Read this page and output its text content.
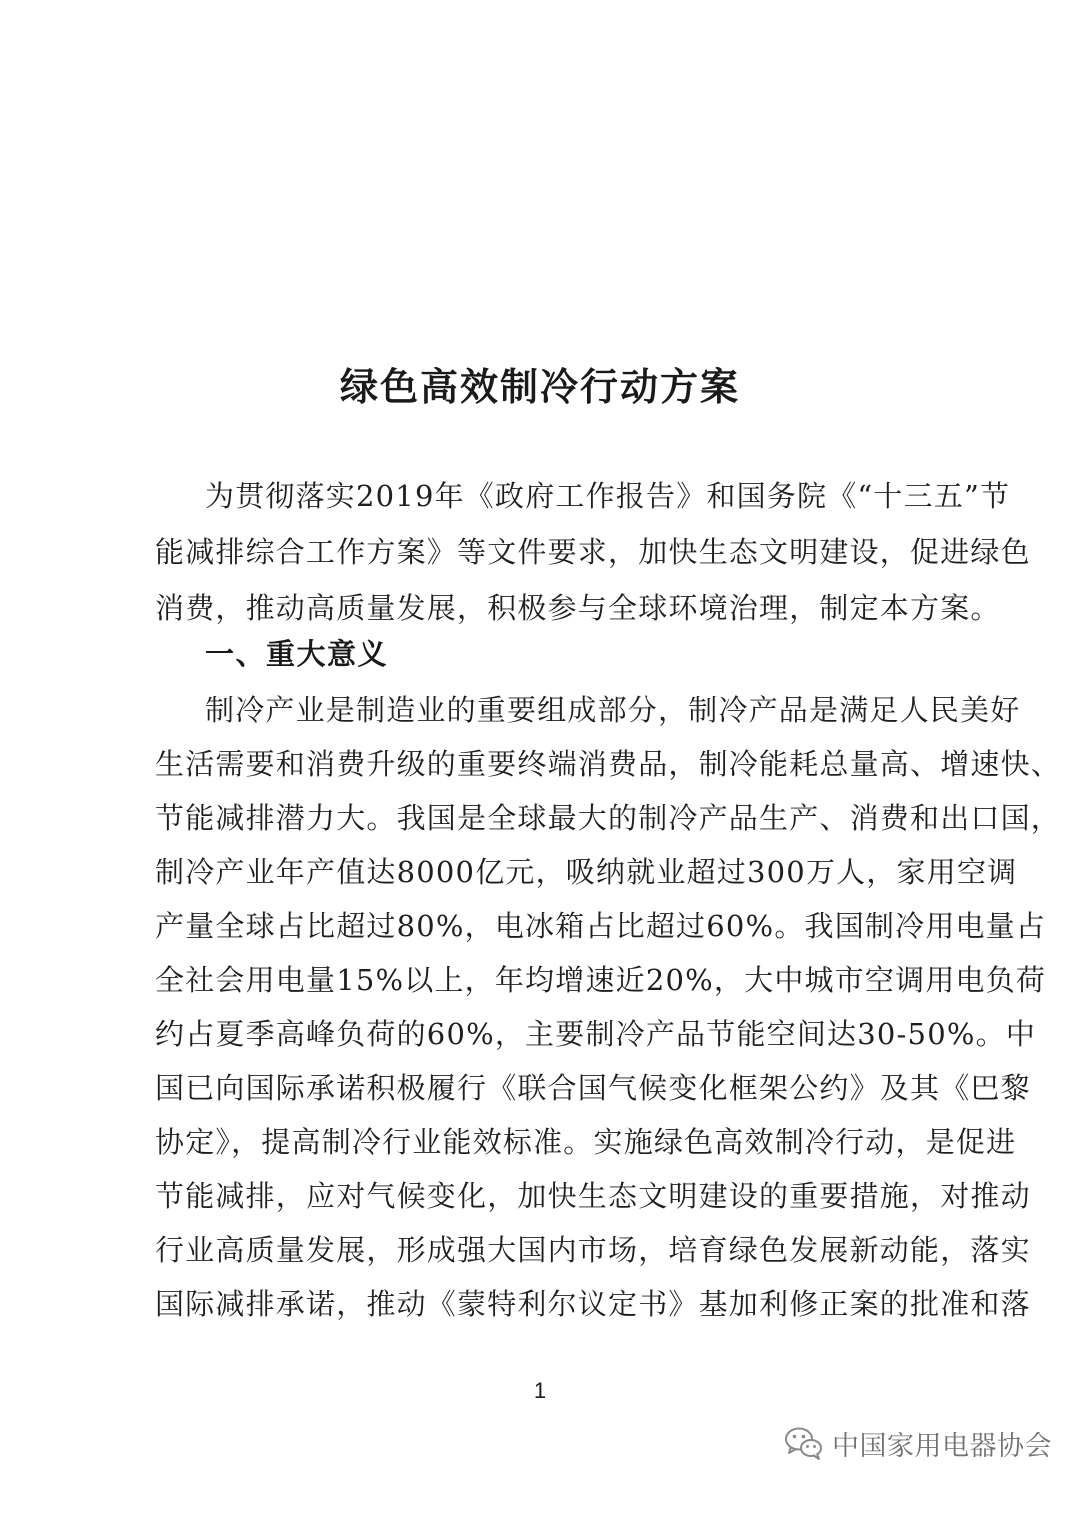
绿色高效制冷行动方案
为贯彻落实2019年《政府工作报告》和国务院《“十三五”节
能减排综合工作方案》等文件要求，加快生态文明建设，促进绿色
消费，推动高质量发展，积极参与全球环境治理，制定本方案。
一、重大意义
制冷产业是制造业的重要组成部分，制冷产品是满足人民美好
生活需要和消费升级的重要终端消费品，制冷能耗总量高、增速快、
节能减排潜力大。我国是全球最大的制冷产品生产、消费和出口国，
制冷产业年产值达8000亿元，吸纳就业超过300万人，家用空调
产量全球占比超过80%，电冰箱占比超过60%。我国制冷用电量占
全社会用电量15%以上，年均增速近20%，大中城市空调用电负荷
约占夏季高峰负荷的60%，主要制冷产品节能空间达30-50%。中
国已向国际承诺积极履行《联合国气候变化框架公约》及其《巴黎
协定》，提高制冷行业能效标准。实施绿色高效制冷行动，是促进
节能减排，应对气候变化，加快生态文明建设的重要措施，对推动
行业高质量发展，形成强大国内市场，培育绿色发展新动能，落实
国际减排承诺，推动《蒙特利尔议定书》基加利修正案的批准和落
1
中国家用电器协会
